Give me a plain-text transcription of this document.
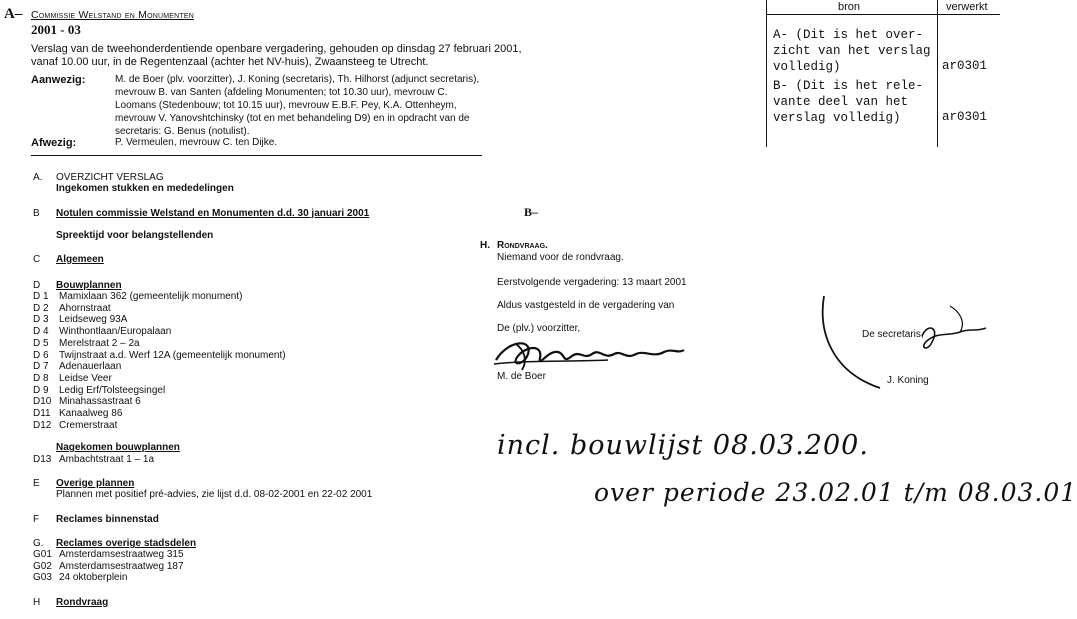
A– Commissie Welstand en Monumenten
2001 - 03
Verslag van de tweehonderdentiende openbare vergadering, gehouden op dinsdag 27 februari 2001,
vanaf 10.00 uur, in de Regentenzaal (achter het NV-huis), Zwaansteeg te Utrecht.
Aanwezig:	M. de Boer (plv. voorzitter), J. Koning (secretaris), Th. Hilhorst (adjunct secretaris),
mevrouw B. van Santen (afdeling Monumenten; tot 10.30 uur), mevrouw C.
Loomans (Stedenbouw; tot 10.15 uur), mevrouw E.B.F. Pey, K.A. Ottenheym,
mevrouw V. Yanovshtchinsky (tot en met behandeling D9) en in opdracht van de
secretaris: G. Benus (notulist).
Afwezig:	P. Vermeulen, mevrouw C. ten Dijke.
bron	verwerkt
A- (Dit is het over-
zicht van het verslag
volledig)	ar0301
B- (Dit is het rele-
vante deel van het
verslag volledig)	ar0301
A. OVERZICHT VERSLAG
Ingekomen stukken en mededelingen
B Notulen commissie Welstand en Monumenten d.d. 30 januari 2001
Spreektijd voor belangstellenden
C Algemeen
D Bouwplannen
D 1 Mamixlaan 362 (gemeentelijk monument)
D 2 Ahornstraat
D 3 Leidseweg 93A
D 4 Winthontlaan/Europalaan
D 5 Merelstraat 2 – 2a
D 6 Twijnstraat a.d. Werf 12A (gemeentelijk monument)
D 7 Adenauerlaan
D 8 Leidse Veer
D 9 Ledig Erf/Tolsteegsingel
D10 Minahassastraat 6
D11 Kanaalweg 86
D12 Cremerstraat
Nagekomen bouwplannen
D13 Ambachtstraat 1 – 1a
E Overige plannen
Plannen met positief pré-advies, zie lijst d.d. 08-02-2001 en 22-02 2001
F Reclames binnenstad
G. Reclames overige stadsdelen
G01 Amsterdamsestraatweg 315
G02 Amsterdamsestraatweg 187
G03 24 oktoberplein
H Rondvraag
B–
H. Rondvraag.
Niemand voor de rondvraag.
Eerstvolgende vergadering: 13 maart 2001
Aldus vastgesteld in de vergadering van
De (plv.) voorzitter,
M. de Boer
De secretaris,
J. Koning
incl. bouwlijst 08.03.200.
over periode 23.02.01 t/m 08.03.01
